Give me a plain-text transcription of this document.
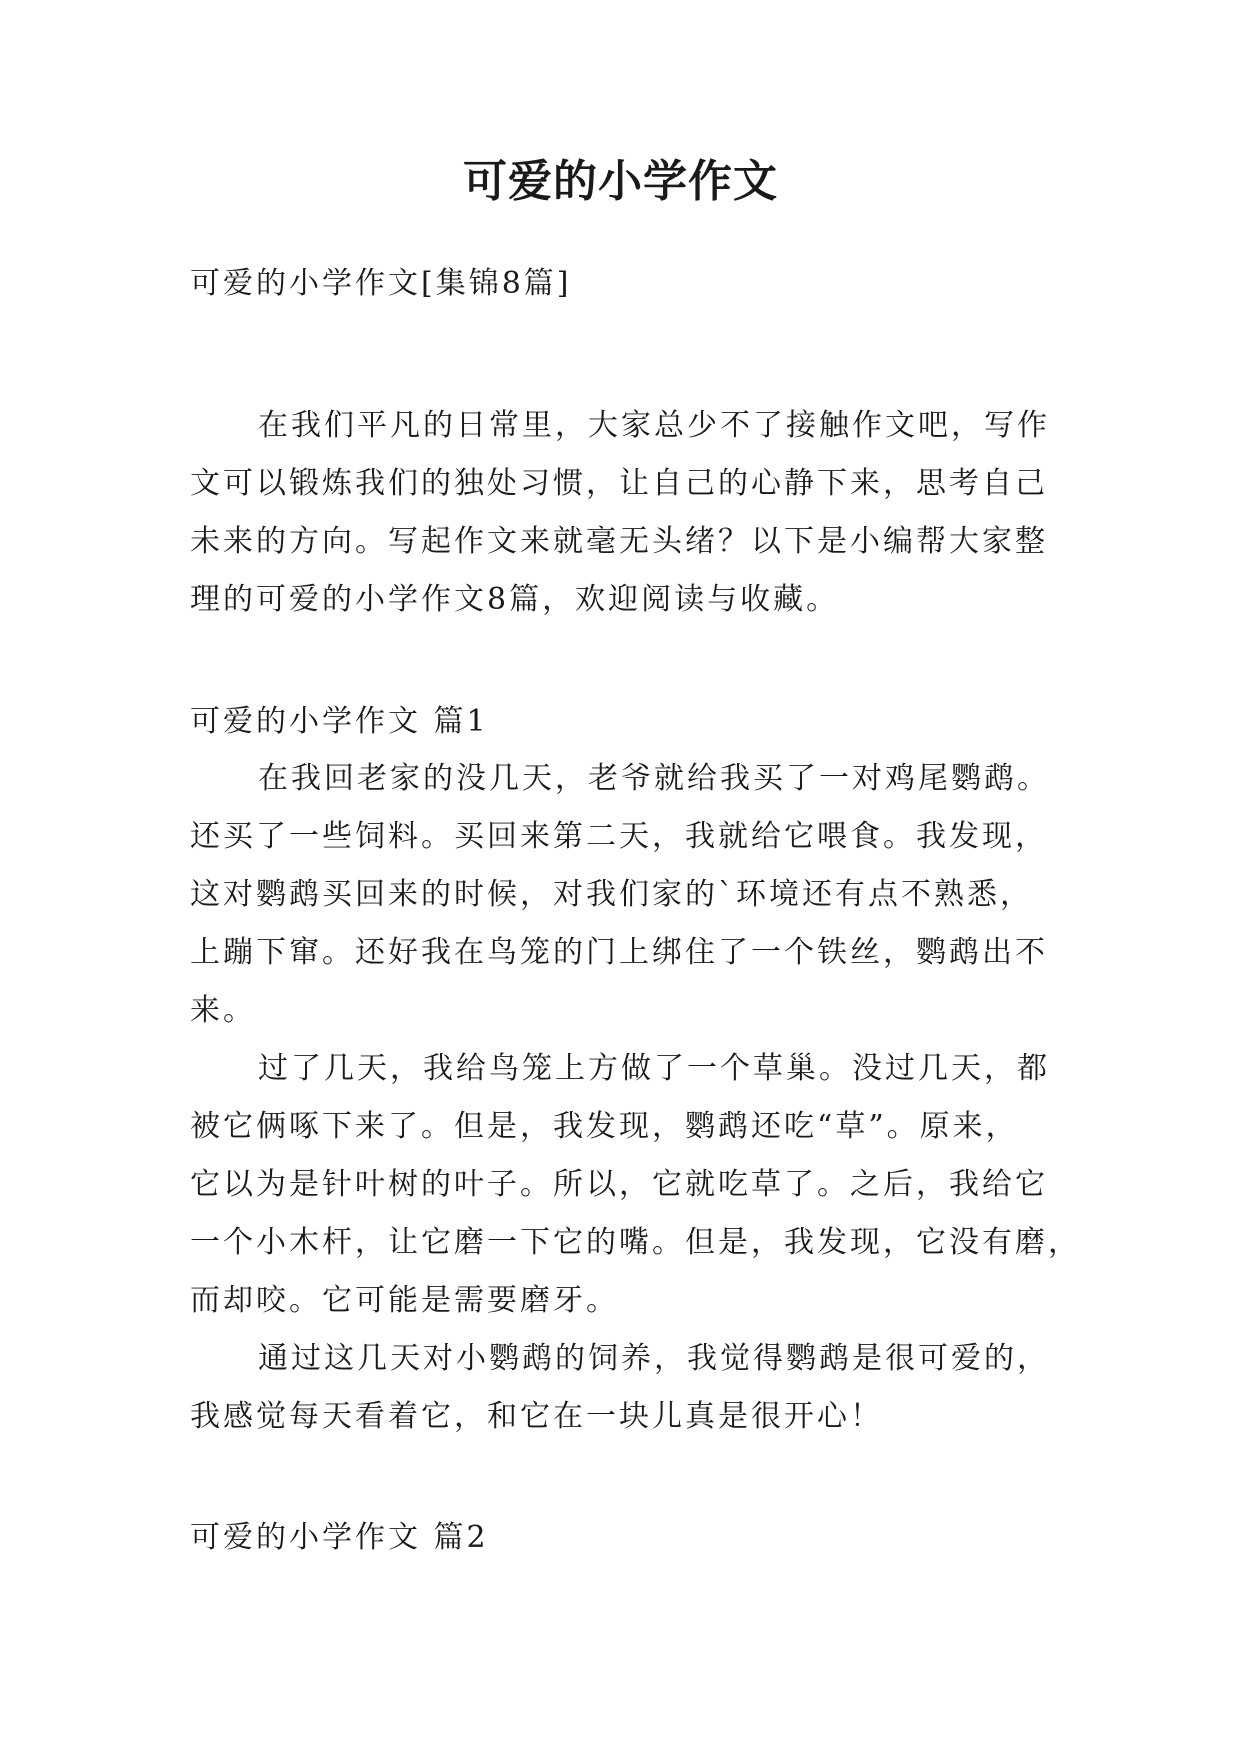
可爱的小学作文

可爱的小学作文[集锦8篇]

在我们平凡的日常里，大家总少不了接触作文吧，写作

文可以锻炼我们的独处习惯，让自己的心静下来，思考自己

未来的方向。写起作文来就毫无头绪？以下是小编帮大家整

理的可爱的小学作文8篇，欢迎阅读与收藏。

可爱的小学作文 篇1

在我回老家的没几天，老爷就给我买了一对鸡尾鹦鹉。

还买了一些饲料。买回来第二天，我就给它喂食。我发现，

这对鹦鹉买回来的时候，对我们家的`环境还有点不熟悉，

上蹦下窜。还好我在鸟笼的门上绑住了一个铁丝，鹦鹉出不

来。

过了几天，我给鸟笼上方做了一个草巢。没过几天，都

被它俩啄下来了。但是，我发现，鹦鹉还吃“草”。原来，

它以为是针叶树的叶子。所以，它就吃草了。之后，我给它

一个小木杆，让它磨一下它的嘴。但是，我发现，它没有磨，

而却咬。它可能是需要磨牙。

通过这几天对小鹦鹉的饲养，我觉得鹦鹉是很可爱的，

我感觉每天看着它，和它在一块儿真是很开心！

可爱的小学作文 篇2
